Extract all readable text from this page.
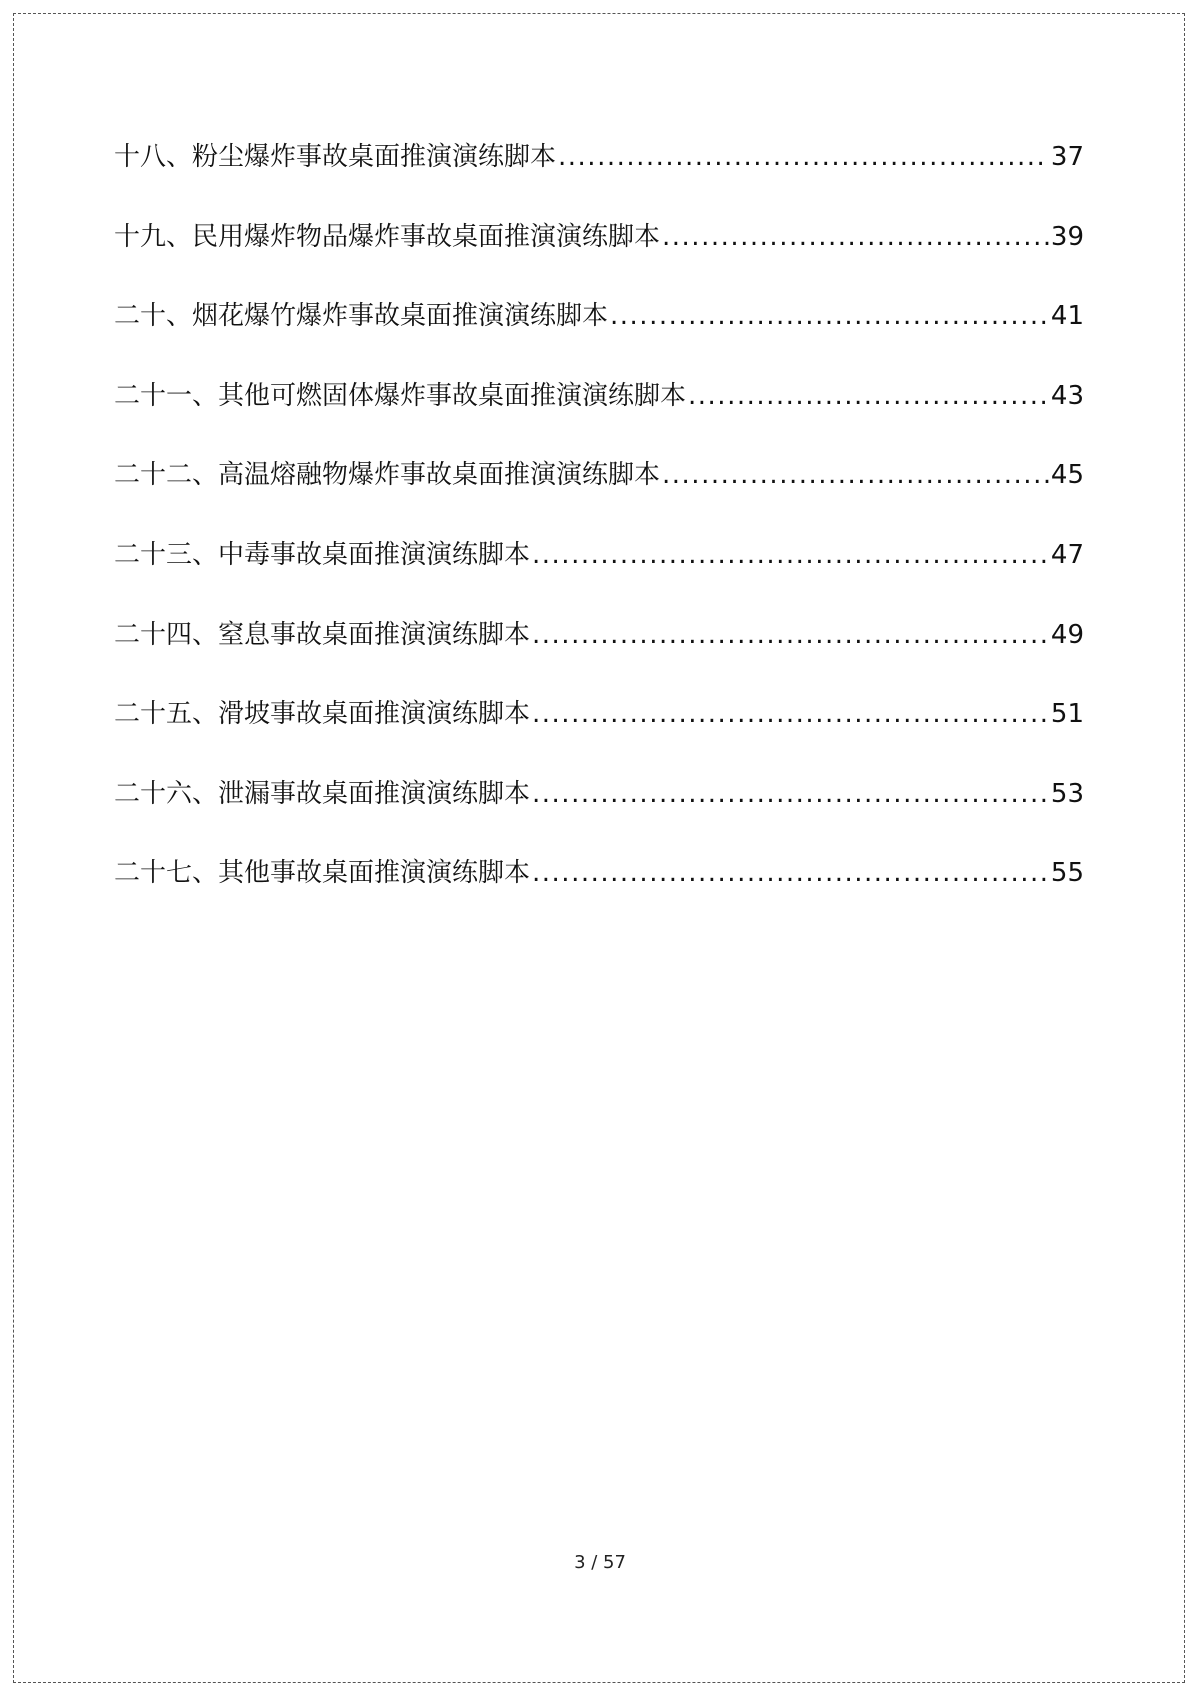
十八、粉尘爆炸事故桌面推演演练脚本 .....	37
十九、民用爆炸物品爆炸事故桌面推演演练脚本 .....	39
二十、烟花爆竹爆炸事故桌面推演演练脚本 .....	41
二十一、其他可燃固体爆炸事故桌面推演演练脚本 .....	43
二十二、高温熔融物爆炸事故桌面推演演练脚本 .....	45
二十三、中毒事故桌面推演演练脚本 .....	47
二十四、窒息事故桌面推演演练脚本 .....	49
二十五、滑坡事故桌面推演演练脚本 .....	51
二十六、泄漏事故桌面推演演练脚本 .....	53
二十七、其他事故桌面推演演练脚本 .....	55
3 / 57
